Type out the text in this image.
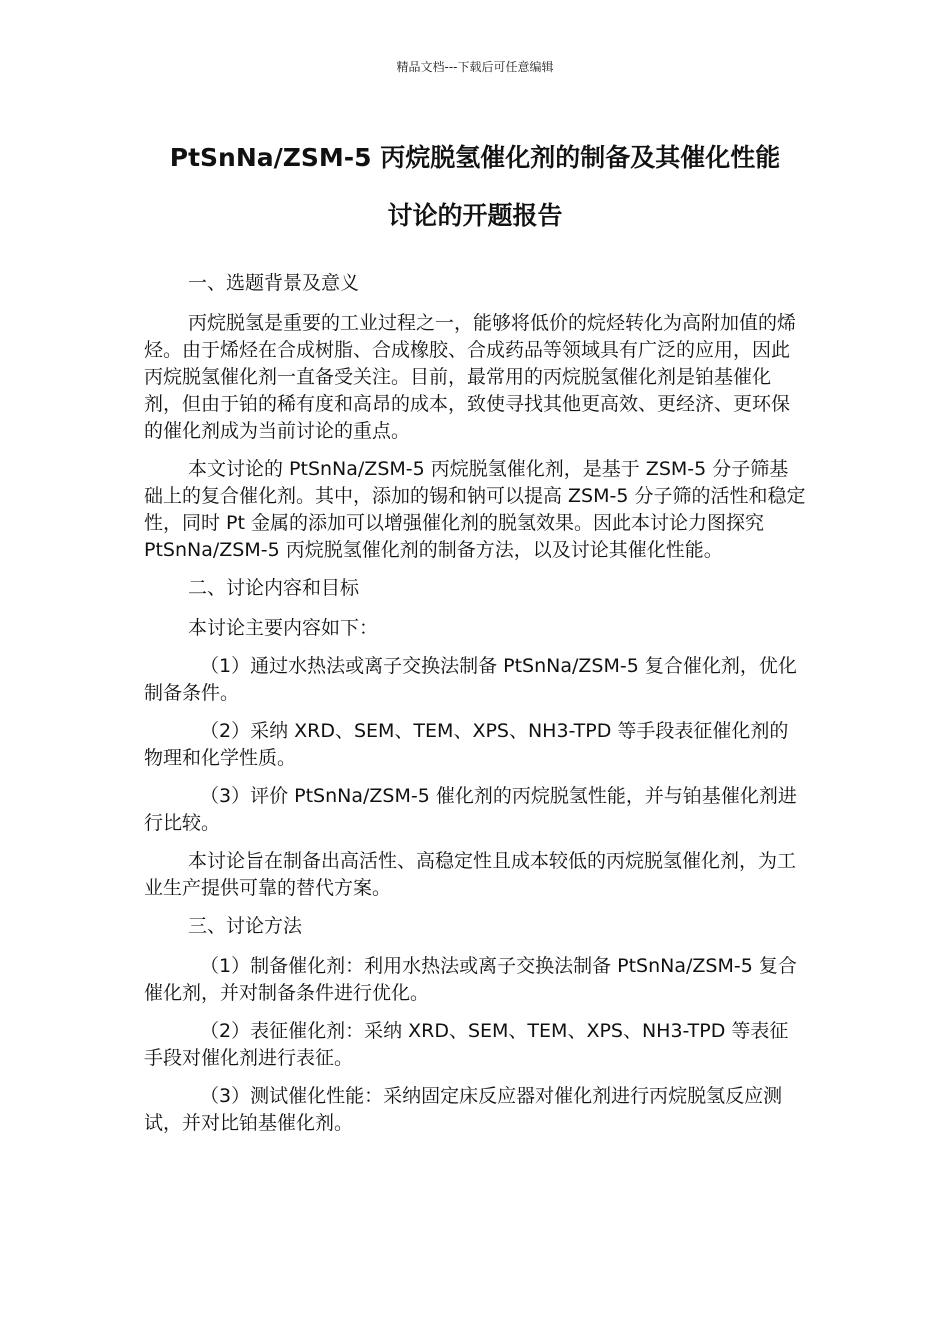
精品文档---下载后可任意编辑
PtSnNa/ZSM-5 丙烷脱氢催化剂的制备及其催化性能
讨论的开题报告

一、选题背景及意义

丙烷脱氢是重要的工业过程之一，能够将低价的烷烃转化为高附加值的烯烃。由于烯烃在合成树脂、合成橡胶、合成药品等领域具有广泛的应用，因此丙烷脱氢催化剂一直备受关注。目前，最常用的丙烷脱氢催化剂是铂基催化剂，但由于铂的稀有度和高昂的成本，致使寻找其他更高效、更经济、更环保的催化剂成为当前讨论的重点。

本文讨论的 PtSnNa/ZSM-5 丙烷脱氢催化剂，是基于 ZSM-5 分子筛基础上的复合催化剂。其中，添加的锡和钠可以提高 ZSM-5 分子筛的活性和稳定性，同时 Pt 金属的添加可以增强催化剂的脱氢效果。因此本讨论力图探究 PtSnNa/ZSM-5 丙烷脱氢催化剂的制备方法，以及讨论其催化性能。

二、讨论内容和目标

本讨论主要内容如下：

（1）通过水热法或离子交换法制备 PtSnNa/ZSM-5 复合催化剂，优化制备条件。

（2）采纳 XRD、SEM、TEM、XPS、NH3-TPD 等手段表征催化剂的物理和化学性质。

（3）评价 PtSnNa/ZSM-5 催化剂的丙烷脱氢性能，并与铂基催化剂进行比较。

本讨论旨在制备出高活性、高稳定性且成本较低的丙烷脱氢催化剂，为工业生产提供可靠的替代方案。

三、讨论方法

（1）制备催化剂：利用水热法或离子交换法制备 PtSnNa/ZSM-5 复合催化剂，并对制备条件进行优化。

（2）表征催化剂：采纳 XRD、SEM、TEM、XPS、NH3-TPD 等表征手段对催化剂进行表征。

（3）测试催化性能：采纳固定床反应器对催化剂进行丙烷脱氢反应测试，并对比铂基催化剂。
